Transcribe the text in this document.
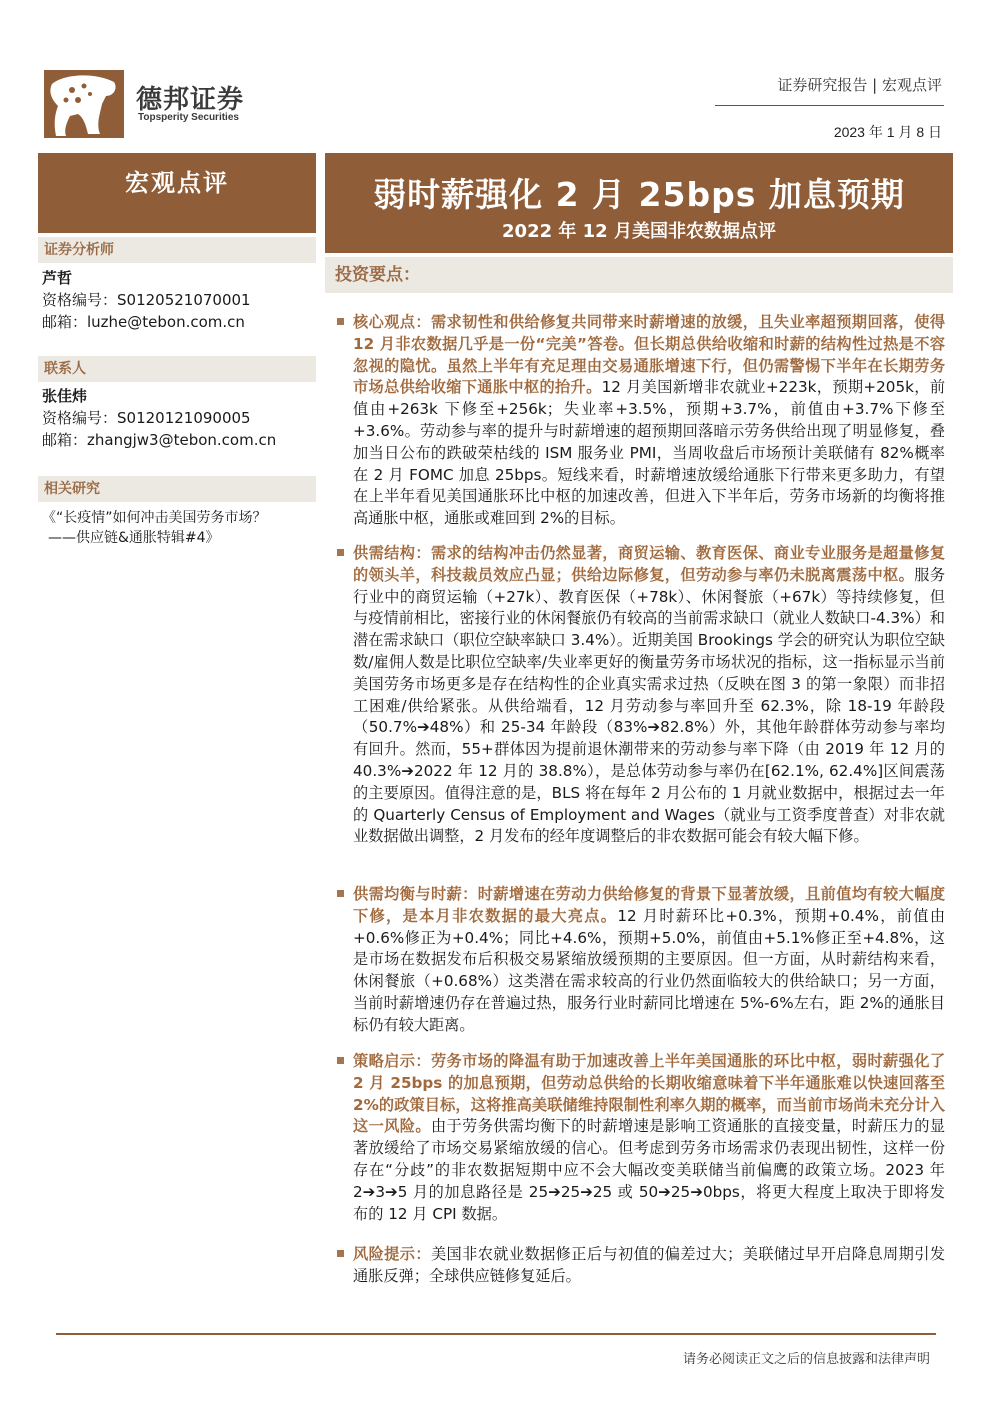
德邦证券
Topsperity Securities
证券研究报告 | 宏观点评
2023 年 1 月 8 日
宏观点评	弱时薪强化 2 月 25bps 加息预期
2022 年 12 月美国非农数据点评
证券分析师
芦哲
资格编号：S0120521070001
邮箱：luzhe@tebon.com.cn
联系人
张佳炜
资格编号：S0120121090005
邮箱：zhangjw3@tebon.com.cn
相关研究
《“长疫情”如何冲击美国劳务市场？
——供应链&通胀特辑#4》
投资要点：
核心观点：需求韧性和供给修复共同带来时薪增速的放缓，且失业率超预期回落，使得 12 月非农数据几乎是一份“完美”答卷。但长期总供给收缩和时薪的结构性过热是不容忽视的隐忧。虽然上半年有充足理由交易通胀增速下行，但仍需警惕下半年在长期劳务市场总供给收缩下通胀中枢的抬升。12 月美国新增非农就业+223k，预期+205k，前值由+263k 下修至+256k；失业率+3.5%，预期+3.7%，前值由+3.7%下修至+3.6%。劳动参与率的提升与时薪增速的超预期回落暗示劳务供给出现了明显修复，叠加当日公布的跌破荣枯线的 ISM 服务业 PMI，当周收盘后市场预计美联储有 82%概率在 2 月 FOMC 加息 25bps。短线来看，时薪增速放缓给通胀下行带来更多助力，有望在上半年看见美国通胀环比中枢的加速改善，但进入下半年后，劳务市场新的均衡将推高通胀中枢，通胀或难回到 2%的目标。
供需结构：需求的结构冲击仍然显著，商贸运输、教育医保、商业专业服务是超量修复的领头羊，科技裁员效应凸显；供给边际修复，但劳动参与率仍未脱离震荡中枢。服务行业中的商贸运输（+27k）、教育医保（+78k）、休闲餐旅（+67k）等持续修复，但与疫情前相比，密接行业的休闲餐旅仍有较高的当前需求缺口（就业人数缺口-4.3%）和潜在需求缺口（职位空缺率缺口 3.4%）。近期美国 Brookings 学会的研究认为职位空缺数/雇佣人数是比职位空缺率/失业率更好的衡量劳务市场状况的指标，这一指标显示当前美国劳务市场更多是存在结构性的企业真实需求过热（反映在图 3 的第一象限）而非招工困难/供给紧张。从供给端看，12 月劳动参与率回升至 62.3%，除 18-19 年龄段（50.7%➔48%）和 25-34 年龄段（83%➔82.8%）外，其他年龄群体劳动参与率均有回升。然而，55+群体因为提前退休潮带来的劳动参与率下降（由 2019 年 12 月的 40.3%➔2022 年 12 月的 38.8%），是总体劳动参与率仍在[62.1%, 62.4%]区间震荡的主要原因。值得注意的是，BLS 将在每年 2 月公布的 1 月就业数据中，根据过去一年的 Quarterly Census of Employment and Wages（就业与工资季度普查）对非农就业数据做出调整，2 月发布的经年度调整后的非农数据可能会有较大幅下修。
供需均衡与时薪：时薪增速在劳动力供给修复的背景下显著放缓，且前值均有较大幅度下修，是本月非农数据的最大亮点。12 月时薪环比+0.3%，预期+0.4%，前值由+0.6%修正为+0.4%；同比+4.6%，预期+5.0%，前值由+5.1%修正至+4.8%，这是市场在数据发布后积极交易紧缩放缓预期的主要原因。但一方面，从时薪结构来看，休闲餐旅（+0.68%）这类潜在需求较高的行业仍然面临较大的供给缺口；另一方面，当前时薪增速仍存在普遍过热，服务行业时薪同比增速在 5%-6%左右，距 2%的通胀目标仍有较大距离。
策略启示：劳务市场的降温有助于加速改善上半年美国通胀的环比中枢，弱时薪强化了 2 月 25bps 的加息预期，但劳动总供给的长期收缩意味着下半年通胀难以快速回落至 2%的政策目标，这将推高美联储维持限制性利率久期的概率，而当前市场尚未充分计入这一风险。由于劳务供需均衡下的时薪增速是影响工资通胀的直接变量，时薪压力的显著放缓给了市场交易紧缩放缓的信心。但考虑到劳务市场需求仍表现出韧性，这样一份存在“分歧”的非农数据短期中应不会大幅改变美联储当前偏鹰的政策立场。2023 年 2➔3➔5 月的加息路径是 25➔25➔25 或 50➔25➔0bps，将更大程度上取决于即将发布的 12 月 CPI 数据。
风险提示：美国非农就业数据修正后与初值的偏差过大；美联储过早开启降息周期引发通胀反弹；全球供应链修复延后。
请务必阅读正文之后的信息披露和法律声明
